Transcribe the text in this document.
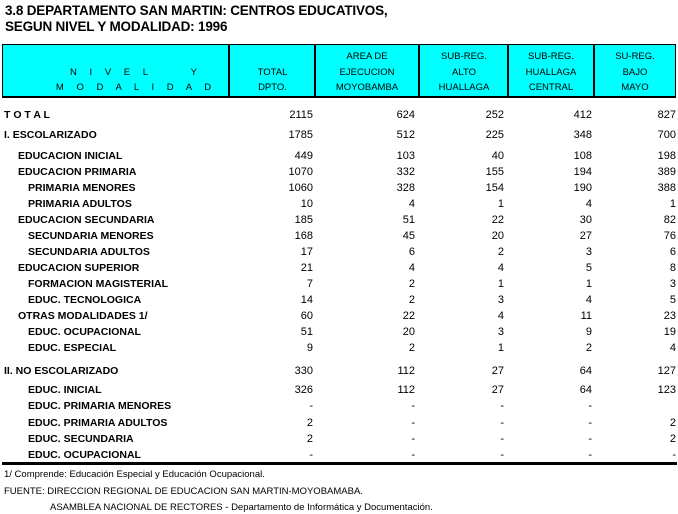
3.8 DEPARTAMENTO SAN MARTIN: CENTROS EDUCATIVOS,
SEGUN NIVEL Y MODALIDAD: 1996
N I V E L     Y
M O D A L I D A D
TOTAL
DPTO.
AREA DE
EJECUCION
MOYOBAMBA
SUB-REG.
ALTO
HUALLAGA
SUB-REG.
HUALLAGA
CENTRAL
SU-REG.
BAJO
MAYO
T O T A L	2115	624	252	412	827
I. ESCOLARIZADO	1785	512	225	348	700
EDUCACION INICIAL	449	103	40	108	198
EDUCACION PRIMARIA	1070	332	155	194	389
PRIMARIA MENORES	1060	328	154	190	388
PRIMARIA ADULTOS	10	4	1	4	1
EDUCACION SECUNDARIA	185	51	22	30	82
SECUNDARIA MENORES	168	45	20	27	76
SECUNDARIA ADULTOS	17	6	2	3	6
EDUCACION SUPERIOR	21	4	4	5	8
FORMACION MAGISTERIAL	7	2	1	1	3
EDUC. TECNOLOGICA	14	2	3	4	5
OTRAS MODALIDADES 1/	60	22	4	11	23
EDUC. OCUPACIONAL	51	20	3	9	19
EDUC. ESPECIAL	9	2	1	2	4
II. NO ESCOLARIZADO	330	112	27	64	127
EDUC. INICIAL	326	112	27	64	123
EDUC. PRIMARIA MENORES	-	-	-	-
EDUC. PRIMARIA ADULTOS	2	-	-	-	2
EDUC. SECUNDARIA	2	-	-	-	2
EDUC. OCUPACIONAL	-	-	-	-	-
1/ Comprende: Educación Especial y Educación Ocupacional.
FUENTE: DIRECCION REGIONAL DE EDUCACION SAN MARTIN-MOYOBAMABA.
ASAMBLEA NACIONAL DE RECTORES - Departamento de Informática y Documentación.
